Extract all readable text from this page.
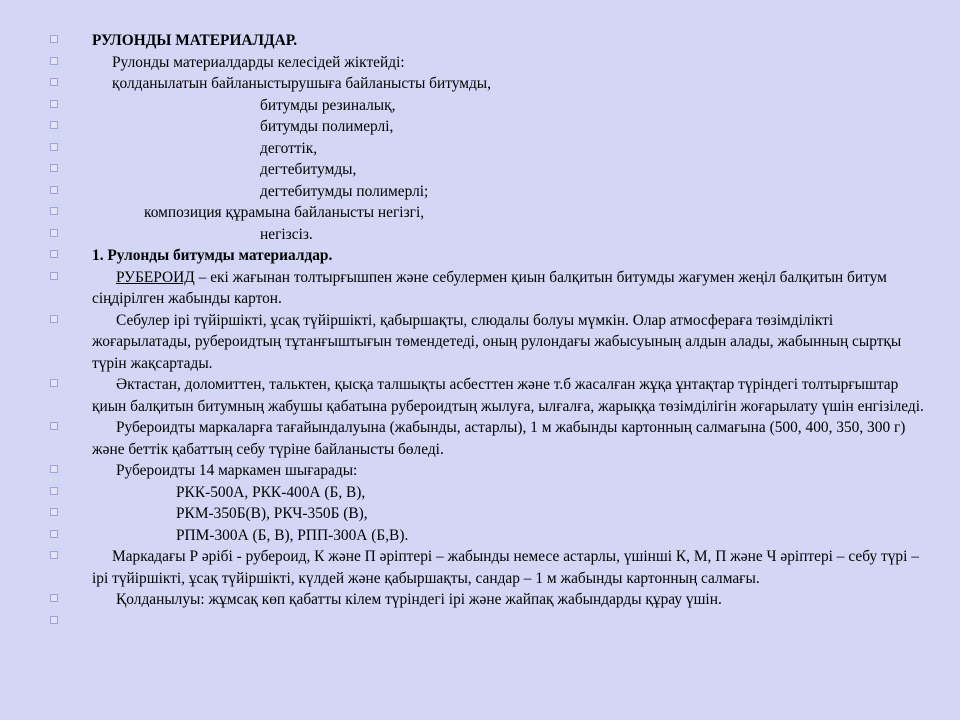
РУЛОНДЫ МАТЕРИАЛДАР.
Рулонды материалдарды келесідей жіктейді:
қолданылатын байланыстырушыға байланысты битумды,
битумды резиналық,
битумды полимерлі,
деготтік,
дегтебитумды,
дегтебитумды полимерлі;
композиция құрамына байланысты негізгі,
негізсіз.
1. Рулонды битумды материалдар.
РУБЕРОИД – екі жағынан толтырғышпен және себулермен қиын балқитын битумды жағумен жеңіл балқитын битум сіңдірілген жабынды картон.
Себулер ірі түйіршікті, ұсақ түйіршікті, қабыршақты, слюдалы болуы мүмкін. Олар атмосфераға төзімділікті жоғарылатады, рубероидтың тұтанғыштығын төмендетеді, оның рулондағы жабысуының алдын алады, жабынның сыртқы түрін жақсартады.
Әктастан, доломиттен, тальктен, қысқа талшықты асбесттен және т.б жасалған жұқа ұнтақтар түріндегі толтырғыштар қиын балқитын битумның жабушы қабатына рубероидтың жылуға, ылғалға, жарыққа төзімділігін жоғарылату үшін енгізіледі.
Рубероидты маркаларға тағайындалуына (жабынды, астарлы), 1 м жабынды картонның салмағына (500, 400, 350, 300 г) және беттік қабаттың себу түріне байланысты бөледі.
Рубероидты 14 маркамен шығарады:
РКК-500А, РКК-400А (Б, В),
РКМ-350Б(В), РКЧ-350Б (В),
РПМ-300А (Б, В), РПП-300А (Б,В).
Маркадағы Р әрібі - рубероид, К және П әріптері – жабынды немесе астарлы, үшінші К, М, П және Ч әріптері – себу түрі – ірі түйіршікті, ұсақ түйіршікті, күлдей және қабыршақты, сандар – 1 м жабынды картонның салмағы.
Қолданылуы: жұмсақ көп қабатты кілем түріндегі ірі және жайпақ жабындарды құрау үшін.
